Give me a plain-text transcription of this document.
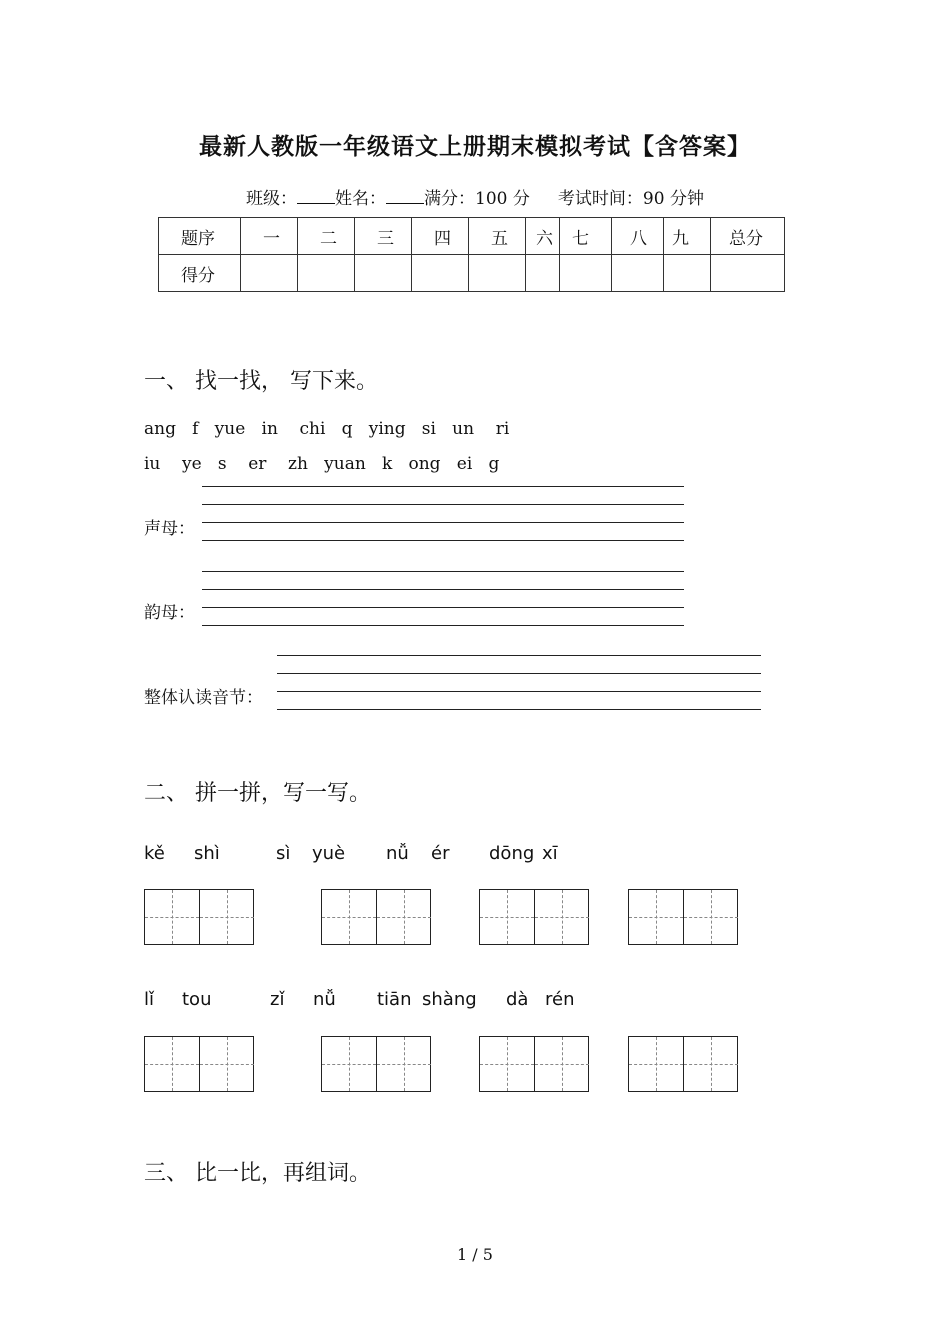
最新人教版一年级语文上册期末模拟考试【含答案】
班级： 姓名： 满分：100 分 考试时间：90 分钟
题序	一	二	三	四	五	六	七	八	九	总分
得分										
一、 找一找， 写下来。
ang   f   yue   in    chi   q   ying   si   un    ri
iu    ye   s    er    zh   yuan   k   ong   ei   g
声母：
韵母：
整体认读音节：
二、 拼一拼，写一写。
kě shì	sì yuè nǚ ér dōng xī
lǐ tou	zǐ nǚ tiān shàng dà rén
三、 比一比，再组词。
1 / 5
